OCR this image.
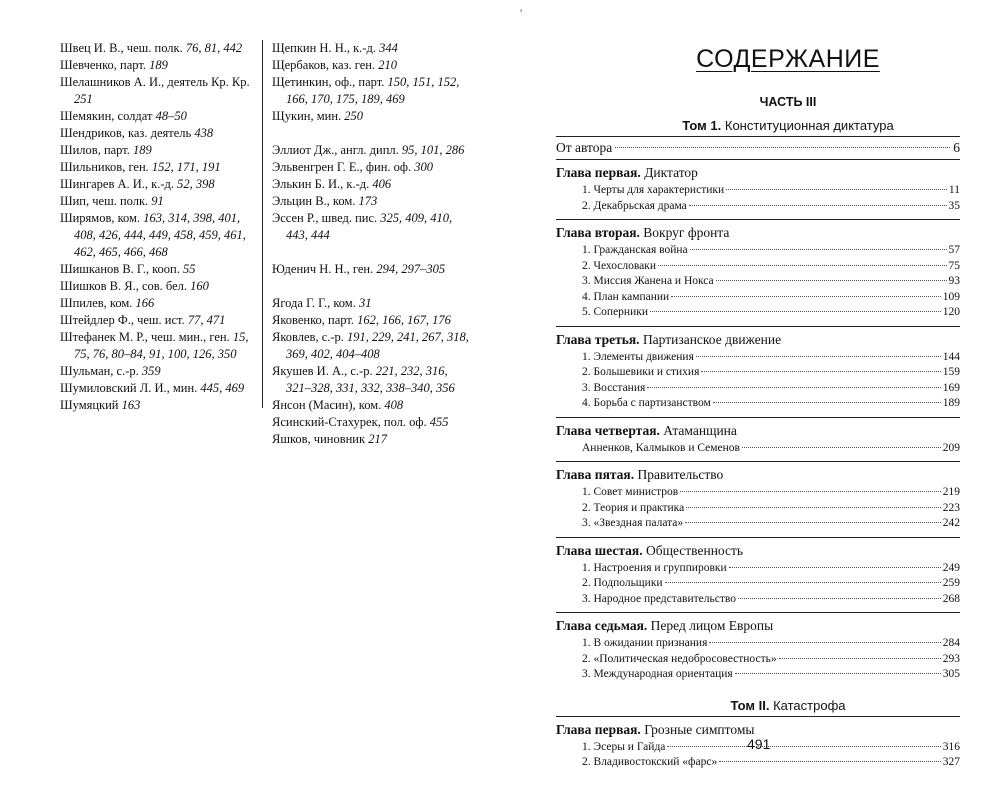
'
Швец И. В., чеш. полк. 76, 81, 442
Шевченко, парт. 189
Шелашников А. И., деятель Кр. Кр. 251
Шемякин, солдат 48–50
Шендриков, каз. деятель 438
Шилов, парт. 189
Шильников, ген. 152, 171, 191
Шингарев А. И., к.-д. 52, 398
Шип, чеш. полк. 91
Ширямов, ком. 163, 314, 398, 401, 408, 426, 444, 449, 458, 459, 461, 462, 465, 466, 468
Шишканов В. Г., кооп. 55
Шишков В. Я., сов. бел. 160
Шпилев, ком. 166
Штейдлер Ф., чеш. ист. 77, 471
Штефанек М. Р., чеш. мин., ген. 15, 75, 76, 80–84, 91, 100, 126, 350
Шульман, с.-р. 359
Шумиловский Л. И., мин. 445, 469
Шумяцкий 163
Щепкин Н. Н., к.-д. 344
Щербаков, каз. ген. 210
Щетинкин, оф., парт. 150, 151, 152, 166, 170, 175, 189, 469
Щукин, мин. 250
Эллиот Дж., англ. дипл. 95, 101, 286
Эльвенгрен Г. Е., фин. оф. 300
Элькин Б. И., к.-д. 406
Эльцин В., ком. 173
Эссен Р., швед. пис. 325, 409, 410, 443, 444
Юденич Н. Н., ген. 294, 297–305
Ягода Г. Г., ком. 31
Яковенко, парт. 162, 166, 167, 176
Яковлев, с.-р. 191, 229, 241, 267, 318, 369, 402, 404–408
Якушев И. А., с.-р. 221, 232, 316, 321–328, 331, 332, 338–340, 356
Янсон (Масин), ком. 408
Ясинский-Стахурек, пол. оф. 455
Яшков, чиновник 217
СОДЕРЖАНИЕ
ЧАСТЬ III
Том 1. Конституционная диктатура
От автора	6
Глава первая. Диктатор
1. Черты для характеристики	11
2. Декабрьская драма	35
Глава вторая. Вокруг фронта
1. Гражданская война	57
2. Чехословаки	75
3. Миссия Жанена и Нокса	93
4. План кампании	109
5. Соперники	120
Глава третья. Партизанское движение
1. Элементы движения	144
2. Большевики и стихия	159
3. Восстания	169
4. Борьба с партизанством	189
Глава четвертая. Атаманщина
Анненков, Калмыков и Семенов	209
Глава пятая. Правительство
1. Совет министров	219
2. Теория и практика	223
3. «Звездная палата»	242
Глава шестая. Общественность
1. Настроения и группировки	249
2. Подпольщики	259
3. Народное представительство	268
Глава седьмая. Перед лицом Европы
1. В ожидании признания	284
2. «Политическая недобросовестность»	293
3. Международная ориентация	305
Том II. Катастрофа
Глава первая. Грозные симптомы
1. Эсеры и Гайда	316
2. Владивостокский «фарс»	327
491
